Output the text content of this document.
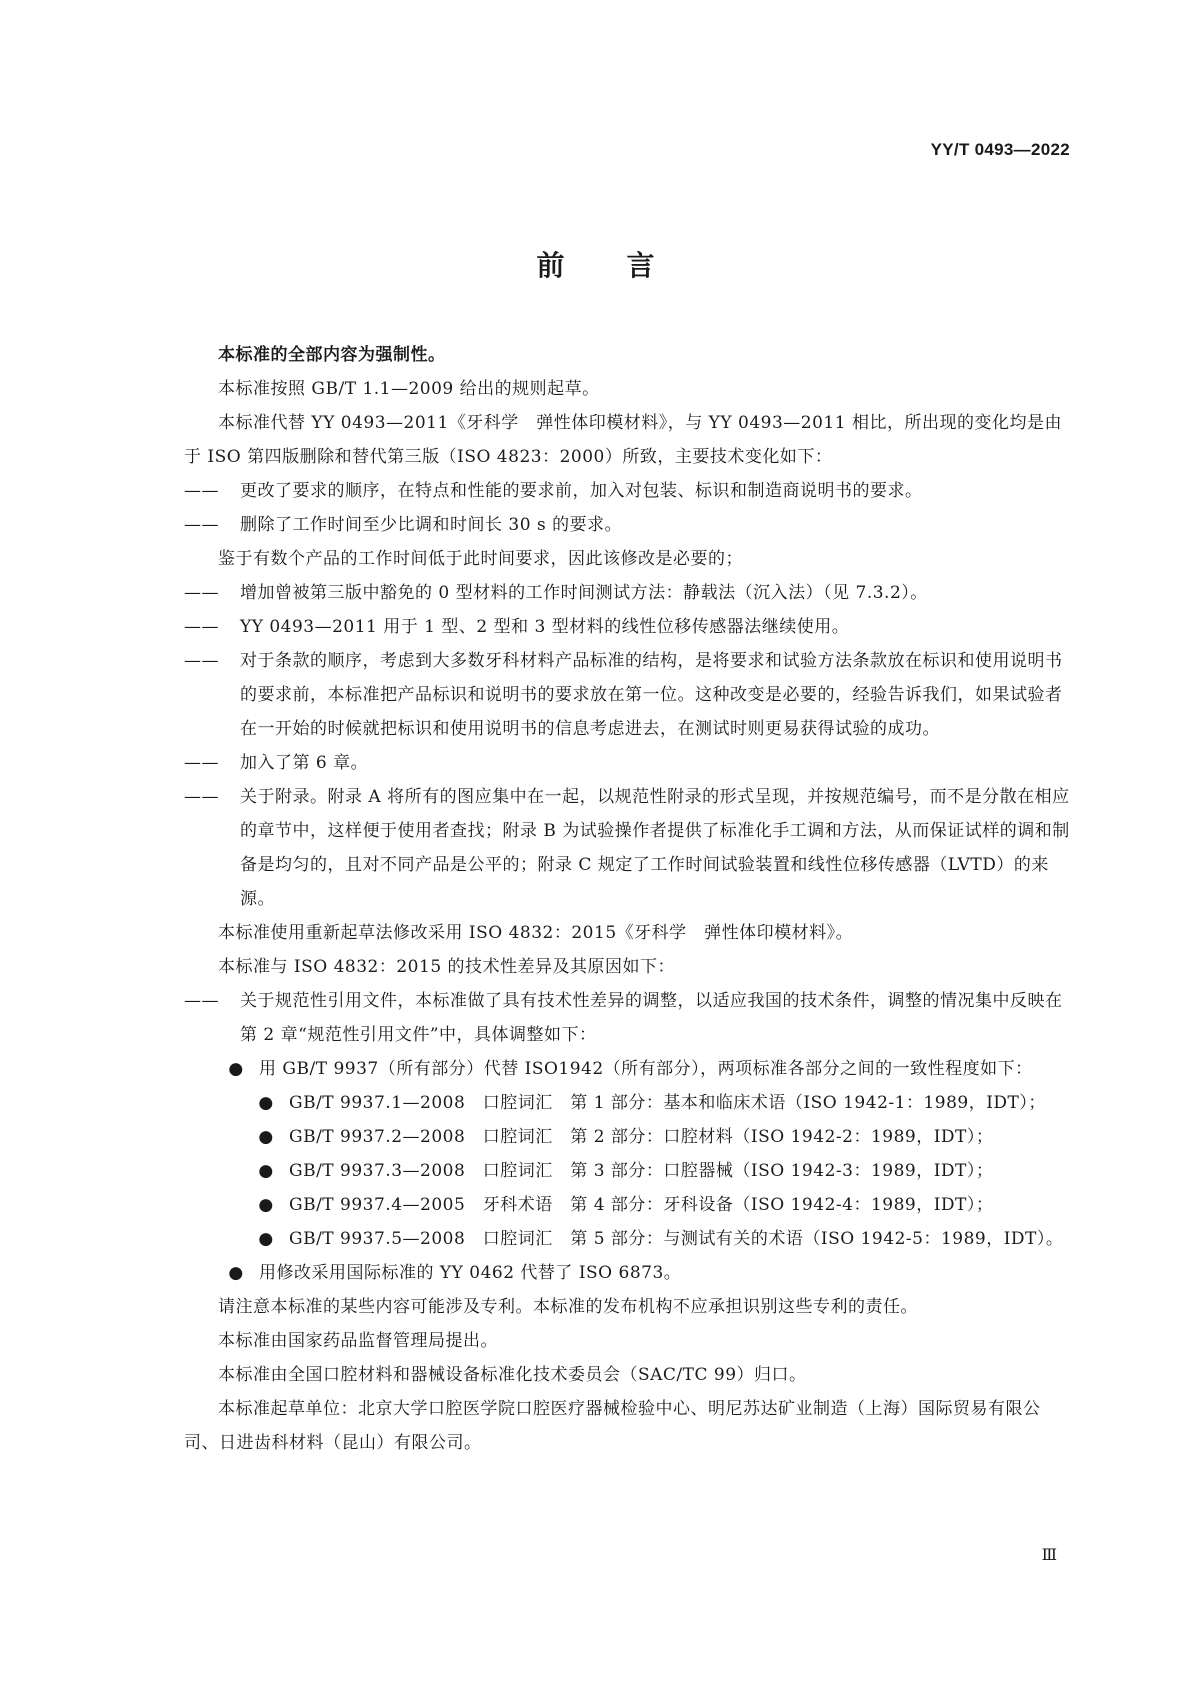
YY/T 0493—2022
前言

本标准的全部内容为强制性。

本标准按照 GB/T 1.1—2009 给出的规则起草。

本标准代替 YY 0493—2011《牙科学　弹性体印模材料》，与 YY 0493—2011 相比，所出现的变化均是由于 ISO 第四版删除和替代第三版（ISO 4823：2000）所致，主要技术变化如下：

—— 更改了要求的顺序，在特点和性能的要求前，加入对包装、标识和制造商说明书的要求。

—— 删除了工作时间至少比调和时间长 30 s 的要求。

鉴于有数个产品的工作时间低于此时间要求，因此该修改是必要的；

—— 增加曾被第三版中豁免的 0 型材料的工作时间测试方法：静载法（沉入法）（见 7.3.2）。

—— YY 0493—2011 用于 1 型、2 型和 3 型材料的线性位移传感器法继续使用。

—— 对于条款的顺序，考虑到大多数牙科材料产品标准的结构，是将要求和试验方法条款放在标识和使用说明书的要求前，本标准把产品标识和说明书的要求放在第一位。这种改变是必要的，经验告诉我们，如果试验者在一开始的时候就把标识和使用说明书的信息考虑进去，在测试时则更易获得试验的成功。

—— 加入了第 6 章。

—— 关于附录。附录 A 将所有的图应集中在一起，以规范性附录的形式呈现，并按规范编号，而不是分散在相应的章节中，这样便于使用者查找；附录 B 为试验操作者提供了标准化手工调和方法，从而保证试样的调和制备是均匀的，且对不同产品是公平的；附录 C 规定了工作时间试验装置和线性位移传感器（LVTD）的来源。

本标准使用重新起草法修改采用 ISO 4832：2015《牙科学　弹性体印模材料》。

本标准与 ISO 4832：2015 的技术性差异及其原因如下：

—— 关于规范性引用文件，本标准做了具有技术性差异的调整，以适应我国的技术条件，调整的情况集中反映在第 2 章“规范性引用文件”中，具体调整如下：

● 用 GB/T 9937（所有部分）代替 ISO1942（所有部分），两项标准各部分之间的一致性程度如下：

● GB/T 9937.1—2008　口腔词汇　第 1 部分：基本和临床术语（ISO 1942-1：1989，IDT）；

● GB/T 9937.2—2008　口腔词汇　第 2 部分：口腔材料（ISO 1942-2：1989，IDT）；

● GB/T 9937.3—2008　口腔词汇　第 3 部分：口腔器械（ISO 1942-3：1989，IDT）；

● GB/T 9937.4—2005　牙科术语　第 4 部分：牙科设备（ISO 1942-4：1989，IDT）；

● GB/T 9937.5—2008　口腔词汇　第 5 部分：与测试有关的术语（ISO 1942-5：1989，IDT）。

● 用修改采用国际标准的 YY 0462 代替了 ISO 6873。

请注意本标准的某些内容可能涉及专利。本标准的发布机构不应承担识别这些专利的责任。

本标准由国家药品监督管理局提出。

本标准由全国口腔材料和器械设备标准化技术委员会（SAC/TC 99）归口。

本标准起草单位：北京大学口腔医学院口腔医疗器械检验中心、明尼苏达矿业制造（上海）国际贸易有限公司、日进齿科材料（昆山）有限公司。

Ⅲ
